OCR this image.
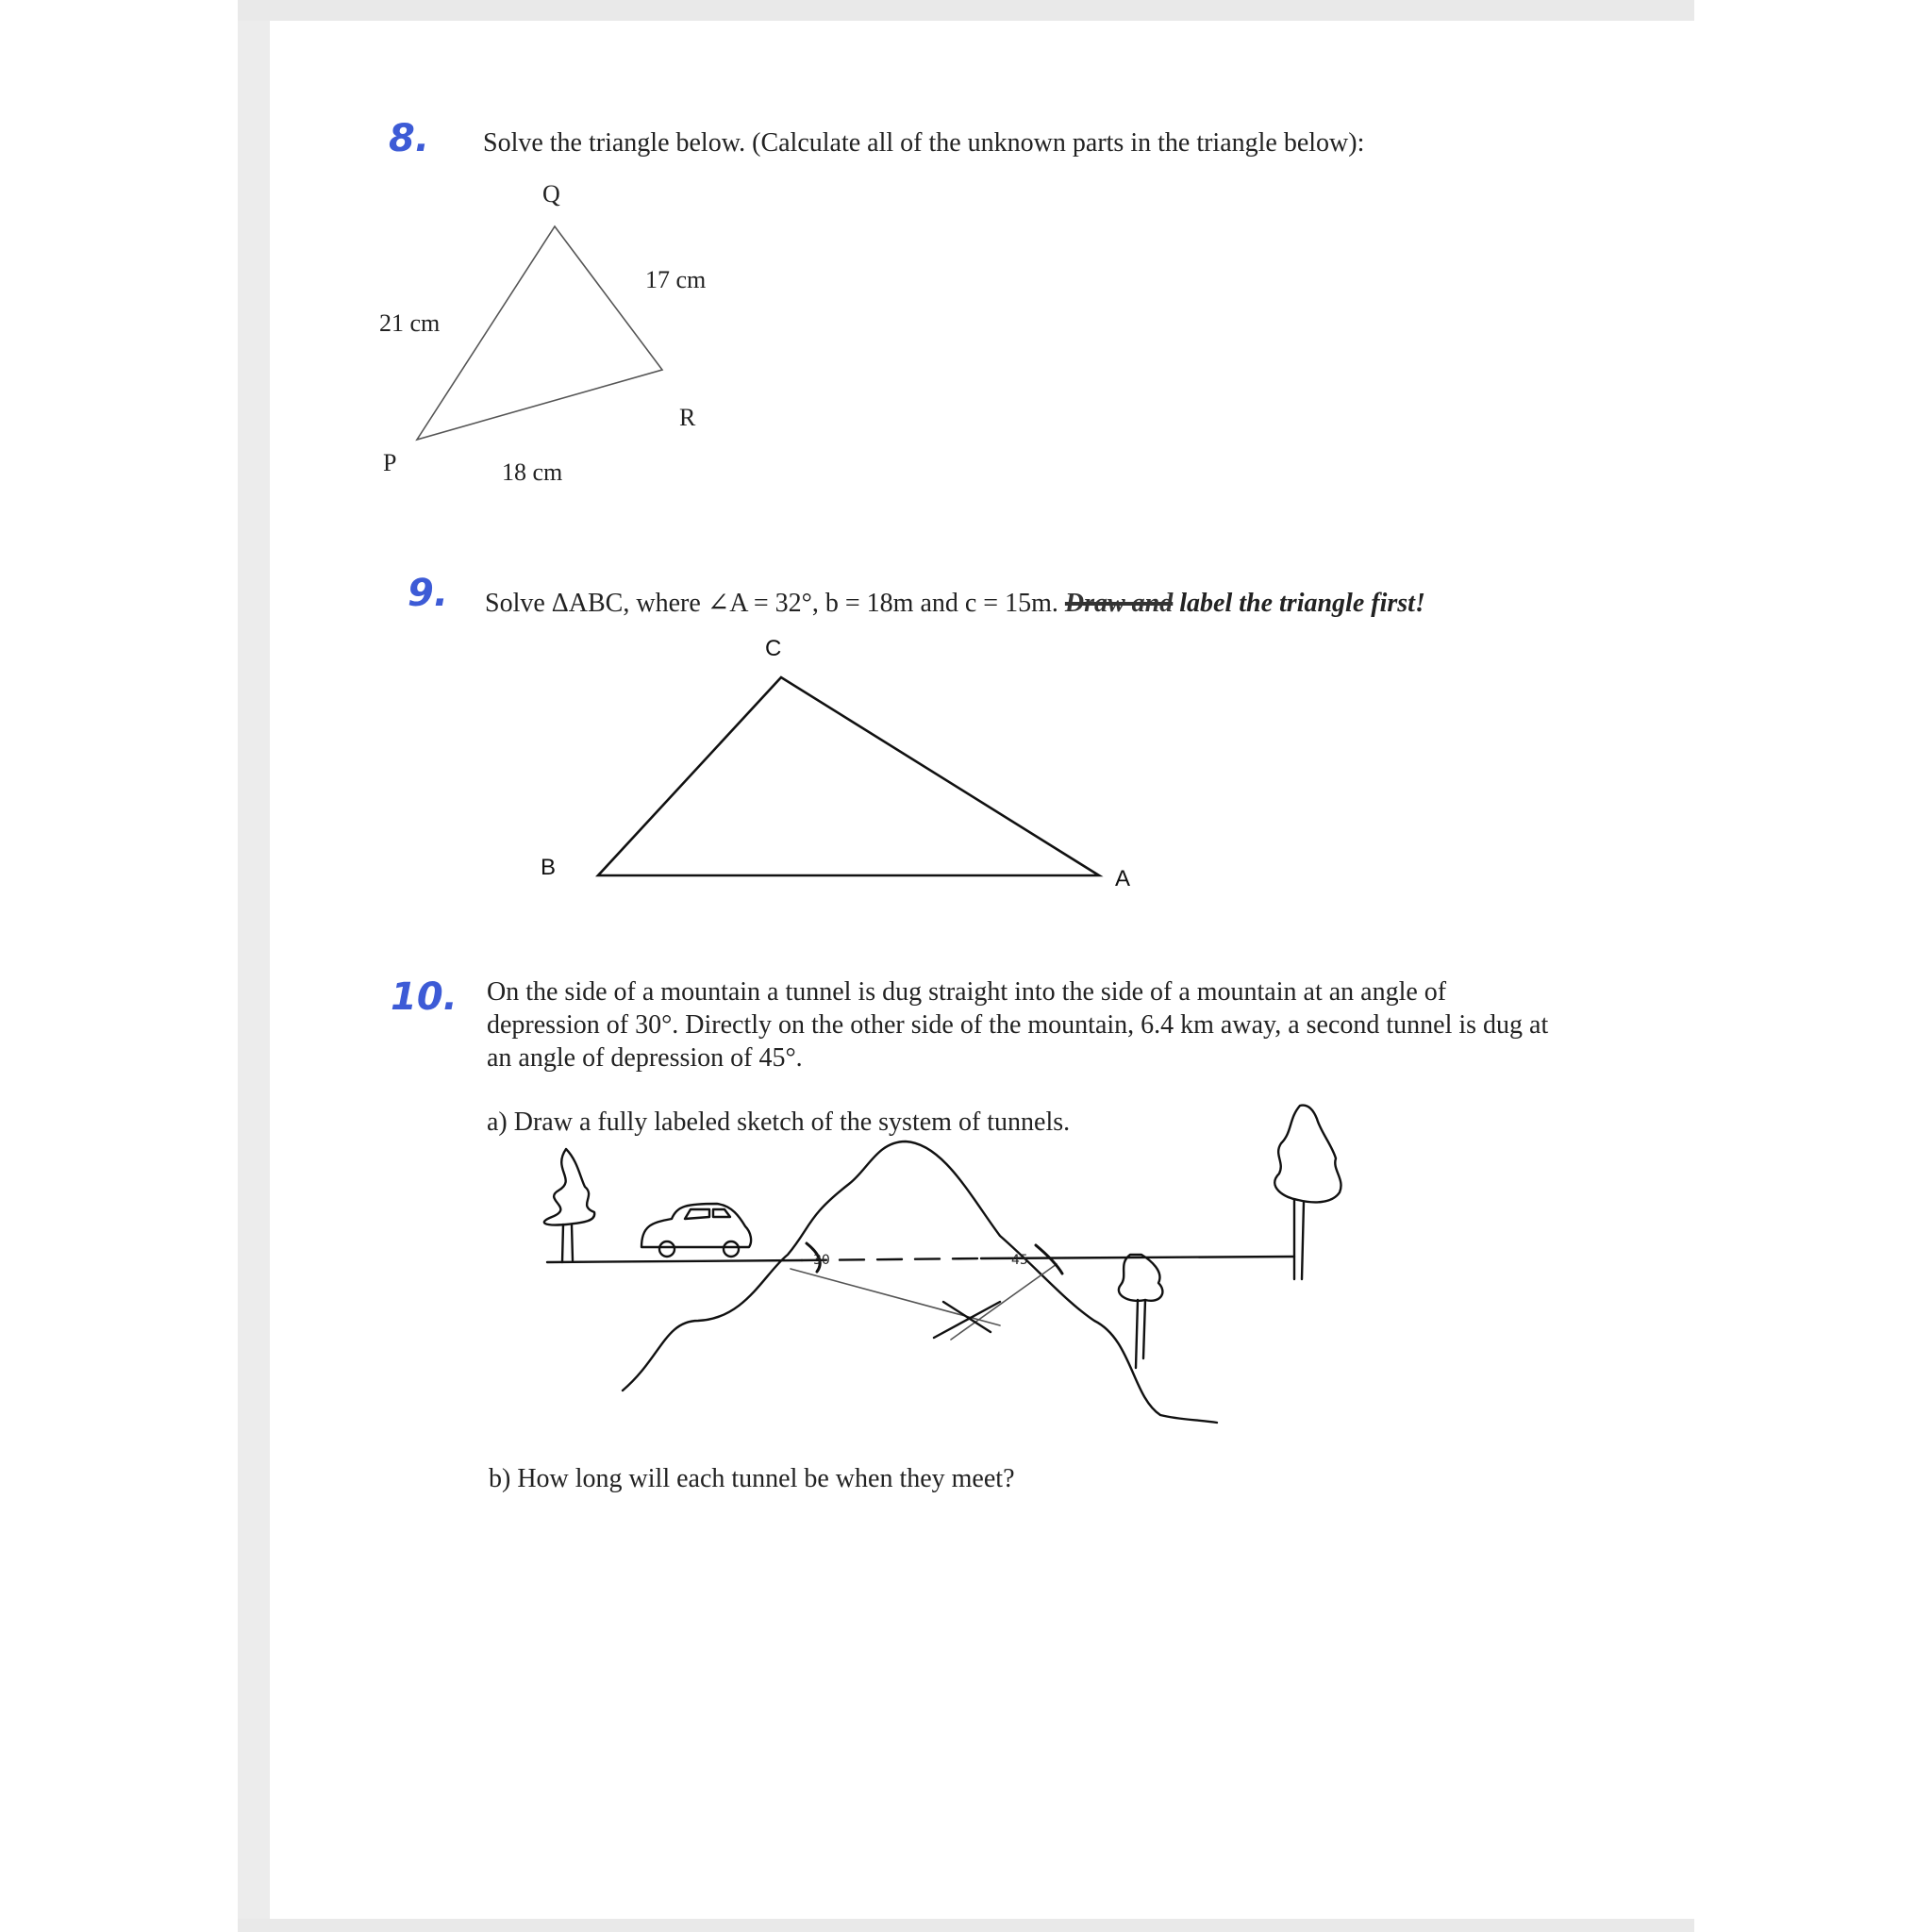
8. Solve the triangle below. (Calculate all of the unknown parts in the triangle below):
Q
R
P
21 cm
17 cm
18 cm
9. Solve ΔABC, where ∠A = 32°, b = 18m and c = 15m. Draw and label the triangle first!
C
B	A
10. On the side of a mountain a tunnel is dug straight into the side of a mountain at an angle of depression of 30°. Directly on the other side of the mountain, 6.4 km away, a second tunnel is dug at an angle of depression of 45°.
a) Draw a fully labeled sketch of the system of tunnels.
30	45
b) How long will each tunnel be when they meet?
